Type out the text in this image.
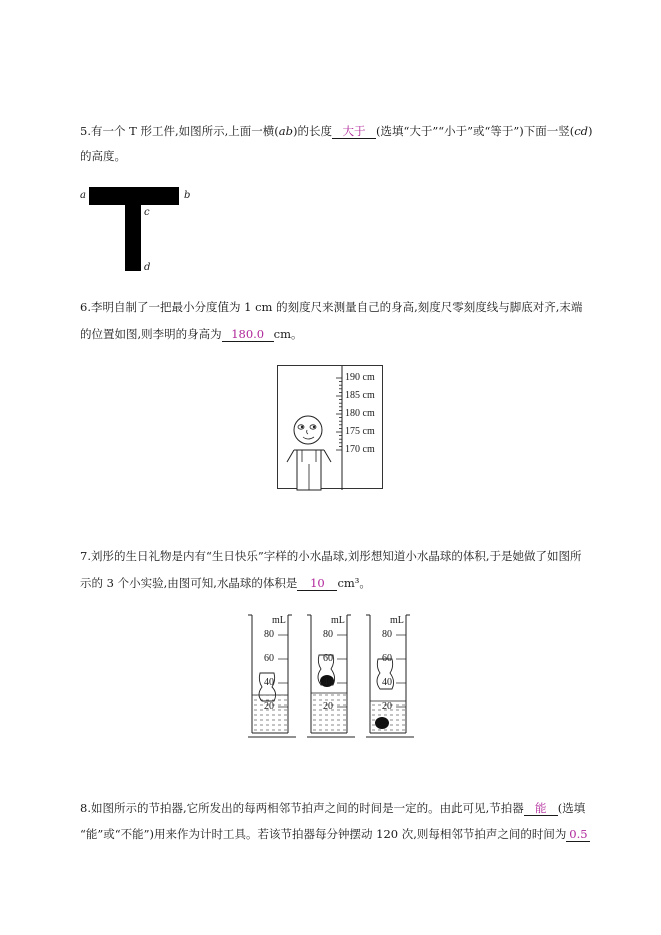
5.有一个 T 形工件,如图所示,上面一横(ab)的长度 大于 (选填“大于”“小于”或“等于”)下面一竖(cd)
的高度。
a	b
c
d
6.李明自制了一把最小分度值为 1 cm 的刻度尺来测量自己的身高,刻度尺零刻度线与脚底对齐,末端
的位置如图,则李明的身高为 180.0 cm。
190 cm
185 cm
180 cm
175 cm
170 cm
7.刘彤的生日礼物是内有“生日快乐”字样的小水晶球,刘彤想知道小水晶球的体积,于是她做了如图所
示的 3 个小实验,由图可知,水晶球的体积是 10 cm³。
mL
80
60
40
20
mL
80
60
40
20
mL
80
60
40
20
8.如图所示的节拍器,它所发出的每两相邻节拍声之间的时间是一定的。由此可见,节拍器 能 (选填
“能”或“不能”)用来作为计时工具。若该节拍器每分钟摆动 120 次,则每相邻节拍声之间的时间为 0.5
